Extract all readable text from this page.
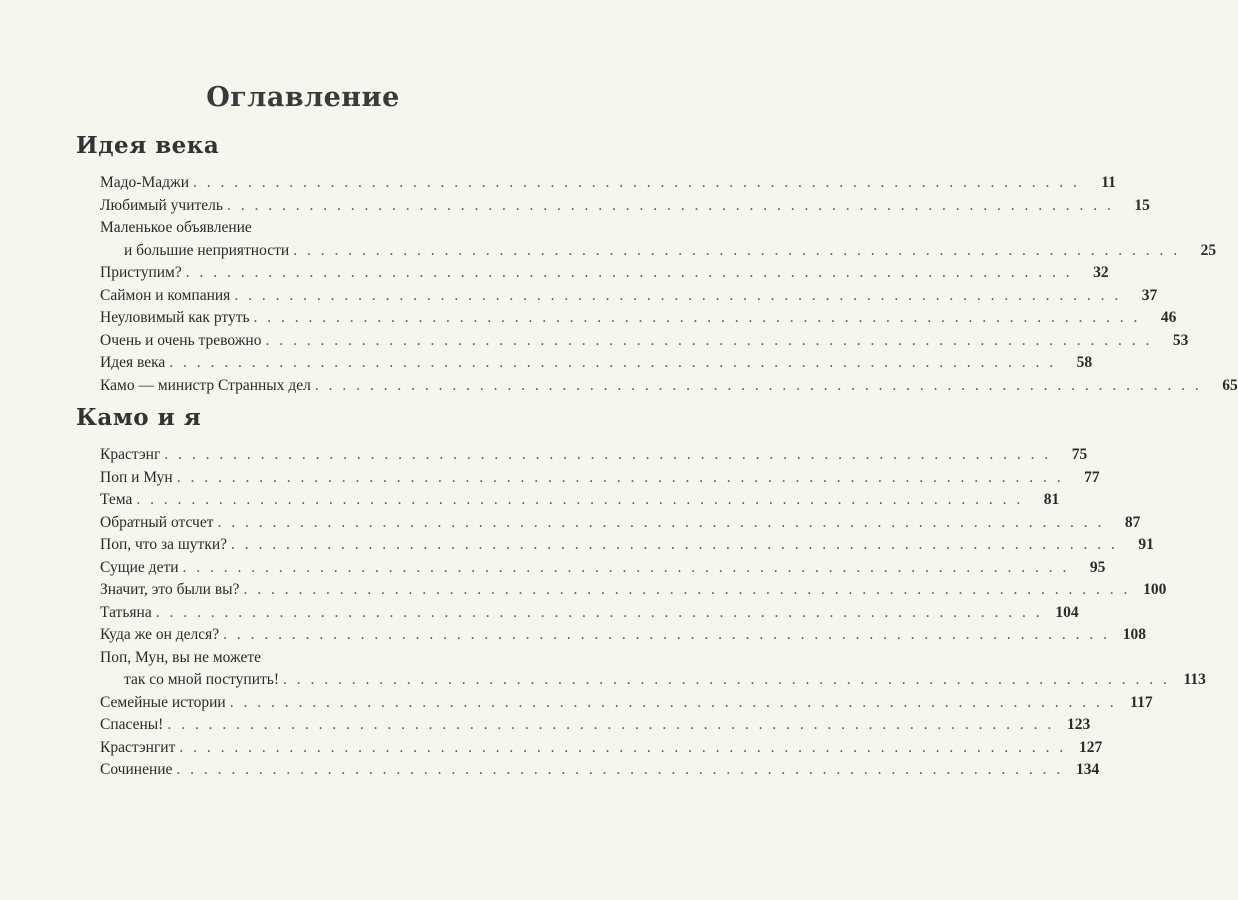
Оглавление
Идея века
Мадо-Маджи . . . . . . . . . . . . . . . . . . . . . . . . . . . . . . . . . . . . . . . . . . . . . . . . . . . . . . . . . . . . . . . . .	11
Любимый учитель . . . . . . . . . . . . . . . . . . . . . . . . . . . . . . . . . . . . . . . . . . . . . . . . . . . . . . . . . . . . . . . . .	15
Маленькое объявление
и большие неприятности . . . . . . . . . . . . . . . . . . . . . . . . . . . . . . . . . . . . . . . . . . . . . . . . . . . . . . . . . . . . . . . . .	25
Приступим? . . . . . . . . . . . . . . . . . . . . . . . . . . . . . . . . . . . . . . . . . . . . . . . . . . . . . . . . . . . . . . . . .	32
Саймон и компания . . . . . . . . . . . . . . . . . . . . . . . . . . . . . . . . . . . . . . . . . . . . . . . . . . . . . . . . . . . . . . . . .	37
Неуловимый как ртуть . . . . . . . . . . . . . . . . . . . . . . . . . . . . . . . . . . . . . . . . . . . . . . . . . . . . . . . . . . . . . . . . .	46
Очень и очень тревожно . . . . . . . . . . . . . . . . . . . . . . . . . . . . . . . . . . . . . . . . . . . . . . . . . . . . . . . . . . . . . . . . .	53
Идея века . . . . . . . . . . . . . . . . . . . . . . . . . . . . . . . . . . . . . . . . . . . . . . . . . . . . . . . . . . . . . . . . .	58
Камо — министр Странных дел . . . . . . . . . . . . . . . . . . . . . . . . . . . . . . . . . . . . . . . . . . . . . . . . . . . . . . . . . . . . . . . . .	65
Камо и я
Крастэнг . . . . . . . . . . . . . . . . . . . . . . . . . . . . . . . . . . . . . . . . . . . . . . . . . . . . . . . . . . . . . . . . .	75
Поп и Мун . . . . . . . . . . . . . . . . . . . . . . . . . . . . . . . . . . . . . . . . . . . . . . . . . . . . . . . . . . . . . . . . .	77
Тема . . . . . . . . . . . . . . . . . . . . . . . . . . . . . . . . . . . . . . . . . . . . . . . . . . . . . . . . . . . . . . . . .	81
Обратный отсчет . . . . . . . . . . . . . . . . . . . . . . . . . . . . . . . . . . . . . . . . . . . . . . . . . . . . . . . . . . . . . . . . .	87
Поп, что за шутки? . . . . . . . . . . . . . . . . . . . . . . . . . . . . . . . . . . . . . . . . . . . . . . . . . . . . . . . . . . . . . . . . .	91
Сущие дети . . . . . . . . . . . . . . . . . . . . . . . . . . . . . . . . . . . . . . . . . . . . . . . . . . . . . . . . . . . . . . . . .	95
Значит, это были вы? . . . . . . . . . . . . . . . . . . . . . . . . . . . . . . . . . . . . . . . . . . . . . . . . . . . . . . . . . . . . . . . . . 100
Татьяна . . . . . . . . . . . . . . . . . . . . . . . . . . . . . . . . . . . . . . . . . . . . . . . . . . . . . . . . . . . . . . . . . 104
Куда же он делся? . . . . . . . . . . . . . . . . . . . . . . . . . . . . . . . . . . . . . . . . . . . . . . . . . . . . . . . . . . . . . . . . . 108
Поп, Мун, вы не можете
так со мной поступить! . . . . . . . . . . . . . . . . . . . . . . . . . . . . . . . . . . . . . . . . . . . . . . . . . . . . . . . . . . . . . . . . . 113
Семейные истории . . . . . . . . . . . . . . . . . . . . . . . . . . . . . . . . . . . . . . . . . . . . . . . . . . . . . . . . . . . . . . . . . 117
Спасены! . . . . . . . . . . . . . . . . . . . . . . . . . . . . . . . . . . . . . . . . . . . . . . . . . . . . . . . . . . . . . . . . . 123
Крастэнгит . . . . . . . . . . . . . . . . . . . . . . . . . . . . . . . . . . . . . . . . . . . . . . . . . . . . . . . . . . . . . . . . . 127
Сочинение . . . . . . . . . . . . . . . . . . . . . . . . . . . . . . . . . . . . . . . . . . . . . . . . . . . . . . . . . . . . . . . . . 134
